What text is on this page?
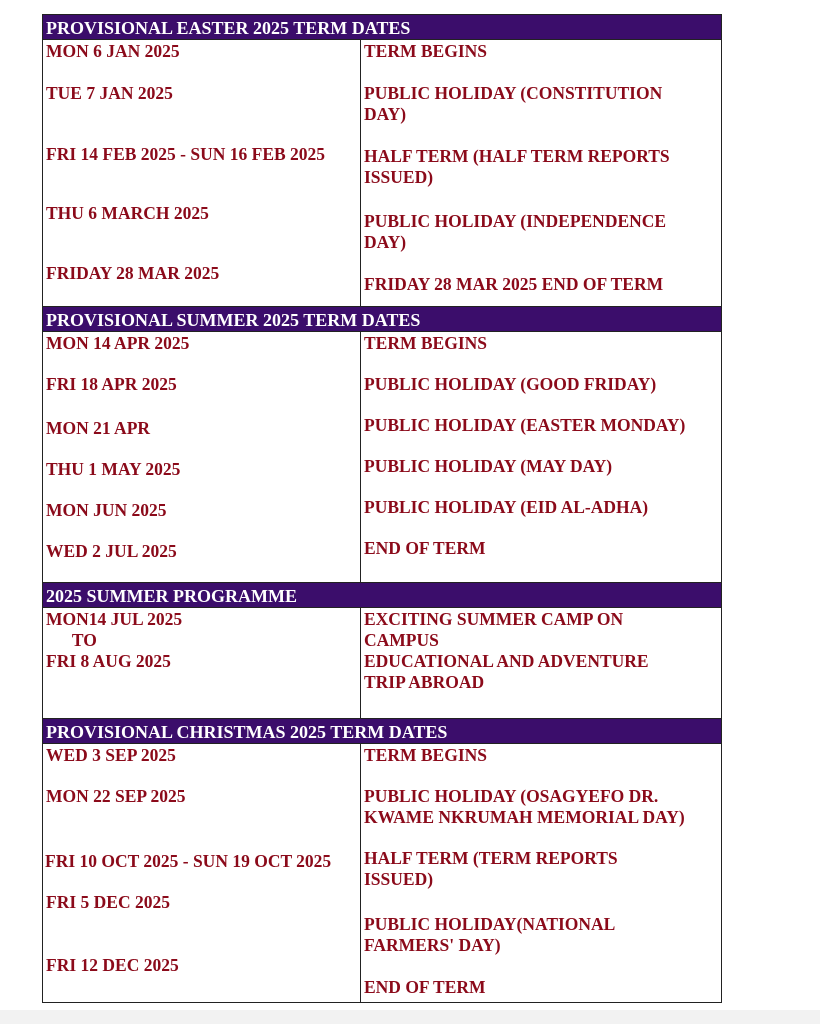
PROVISIONAL EASTER 2025 TERM DATES
MON 6 JAN 2025
TUE 7 JAN 2025
FRI 14 FEB 2025 - SUN 16 FEB 2025
THU 6 MARCH 2025
FRIDAY 28 MAR 2025
TERM BEGINS
PUBLIC HOLIDAY (CONSTITUTION
DAY)
HALF TERM (HALF TERM REPORTS
ISSUED)
PUBLIC HOLIDAY (INDEPENDENCE
DAY)
FRIDAY 28 MAR 2025 END OF TERM
PROVISIONAL SUMMER 2025 TERM DATES
MON 14 APR 2025
FRI 18 APR 2025
MON 21 APR
THU 1 MAY 2025
MON JUN 2025
WED 2 JUL 2025
TERM BEGINS
PUBLIC HOLIDAY (GOOD FRIDAY)
PUBLIC HOLIDAY (EASTER MONDAY)
PUBLIC HOLIDAY (MAY DAY)
PUBLIC HOLIDAY (EID AL-ADHA)
END OF TERM
2025 SUMMER PROGRAMME
MON14 JUL 2025
TO
FRI 8 AUG 2025
EXCITING SUMMER CAMP ON
CAMPUS
EDUCATIONAL AND ADVENTURE
TRIP ABROAD
PROVISIONAL CHRISTMAS 2025 TERM DATES
WED 3 SEP 2025
MON 22 SEP 2025
FRI 10 OCT 2025 - SUN 19 OCT 2025
FRI 5 DEC 2025
FRI 12 DEC 2025
TERM BEGINS
PUBLIC HOLIDAY (OSAGYEFO DR.
KWAME NKRUMAH MEMORIAL DAY)
HALF TERM (TERM REPORTS
ISSUED)
PUBLIC HOLIDAY(NATIONAL
FARMERS' DAY)
END OF TERM
